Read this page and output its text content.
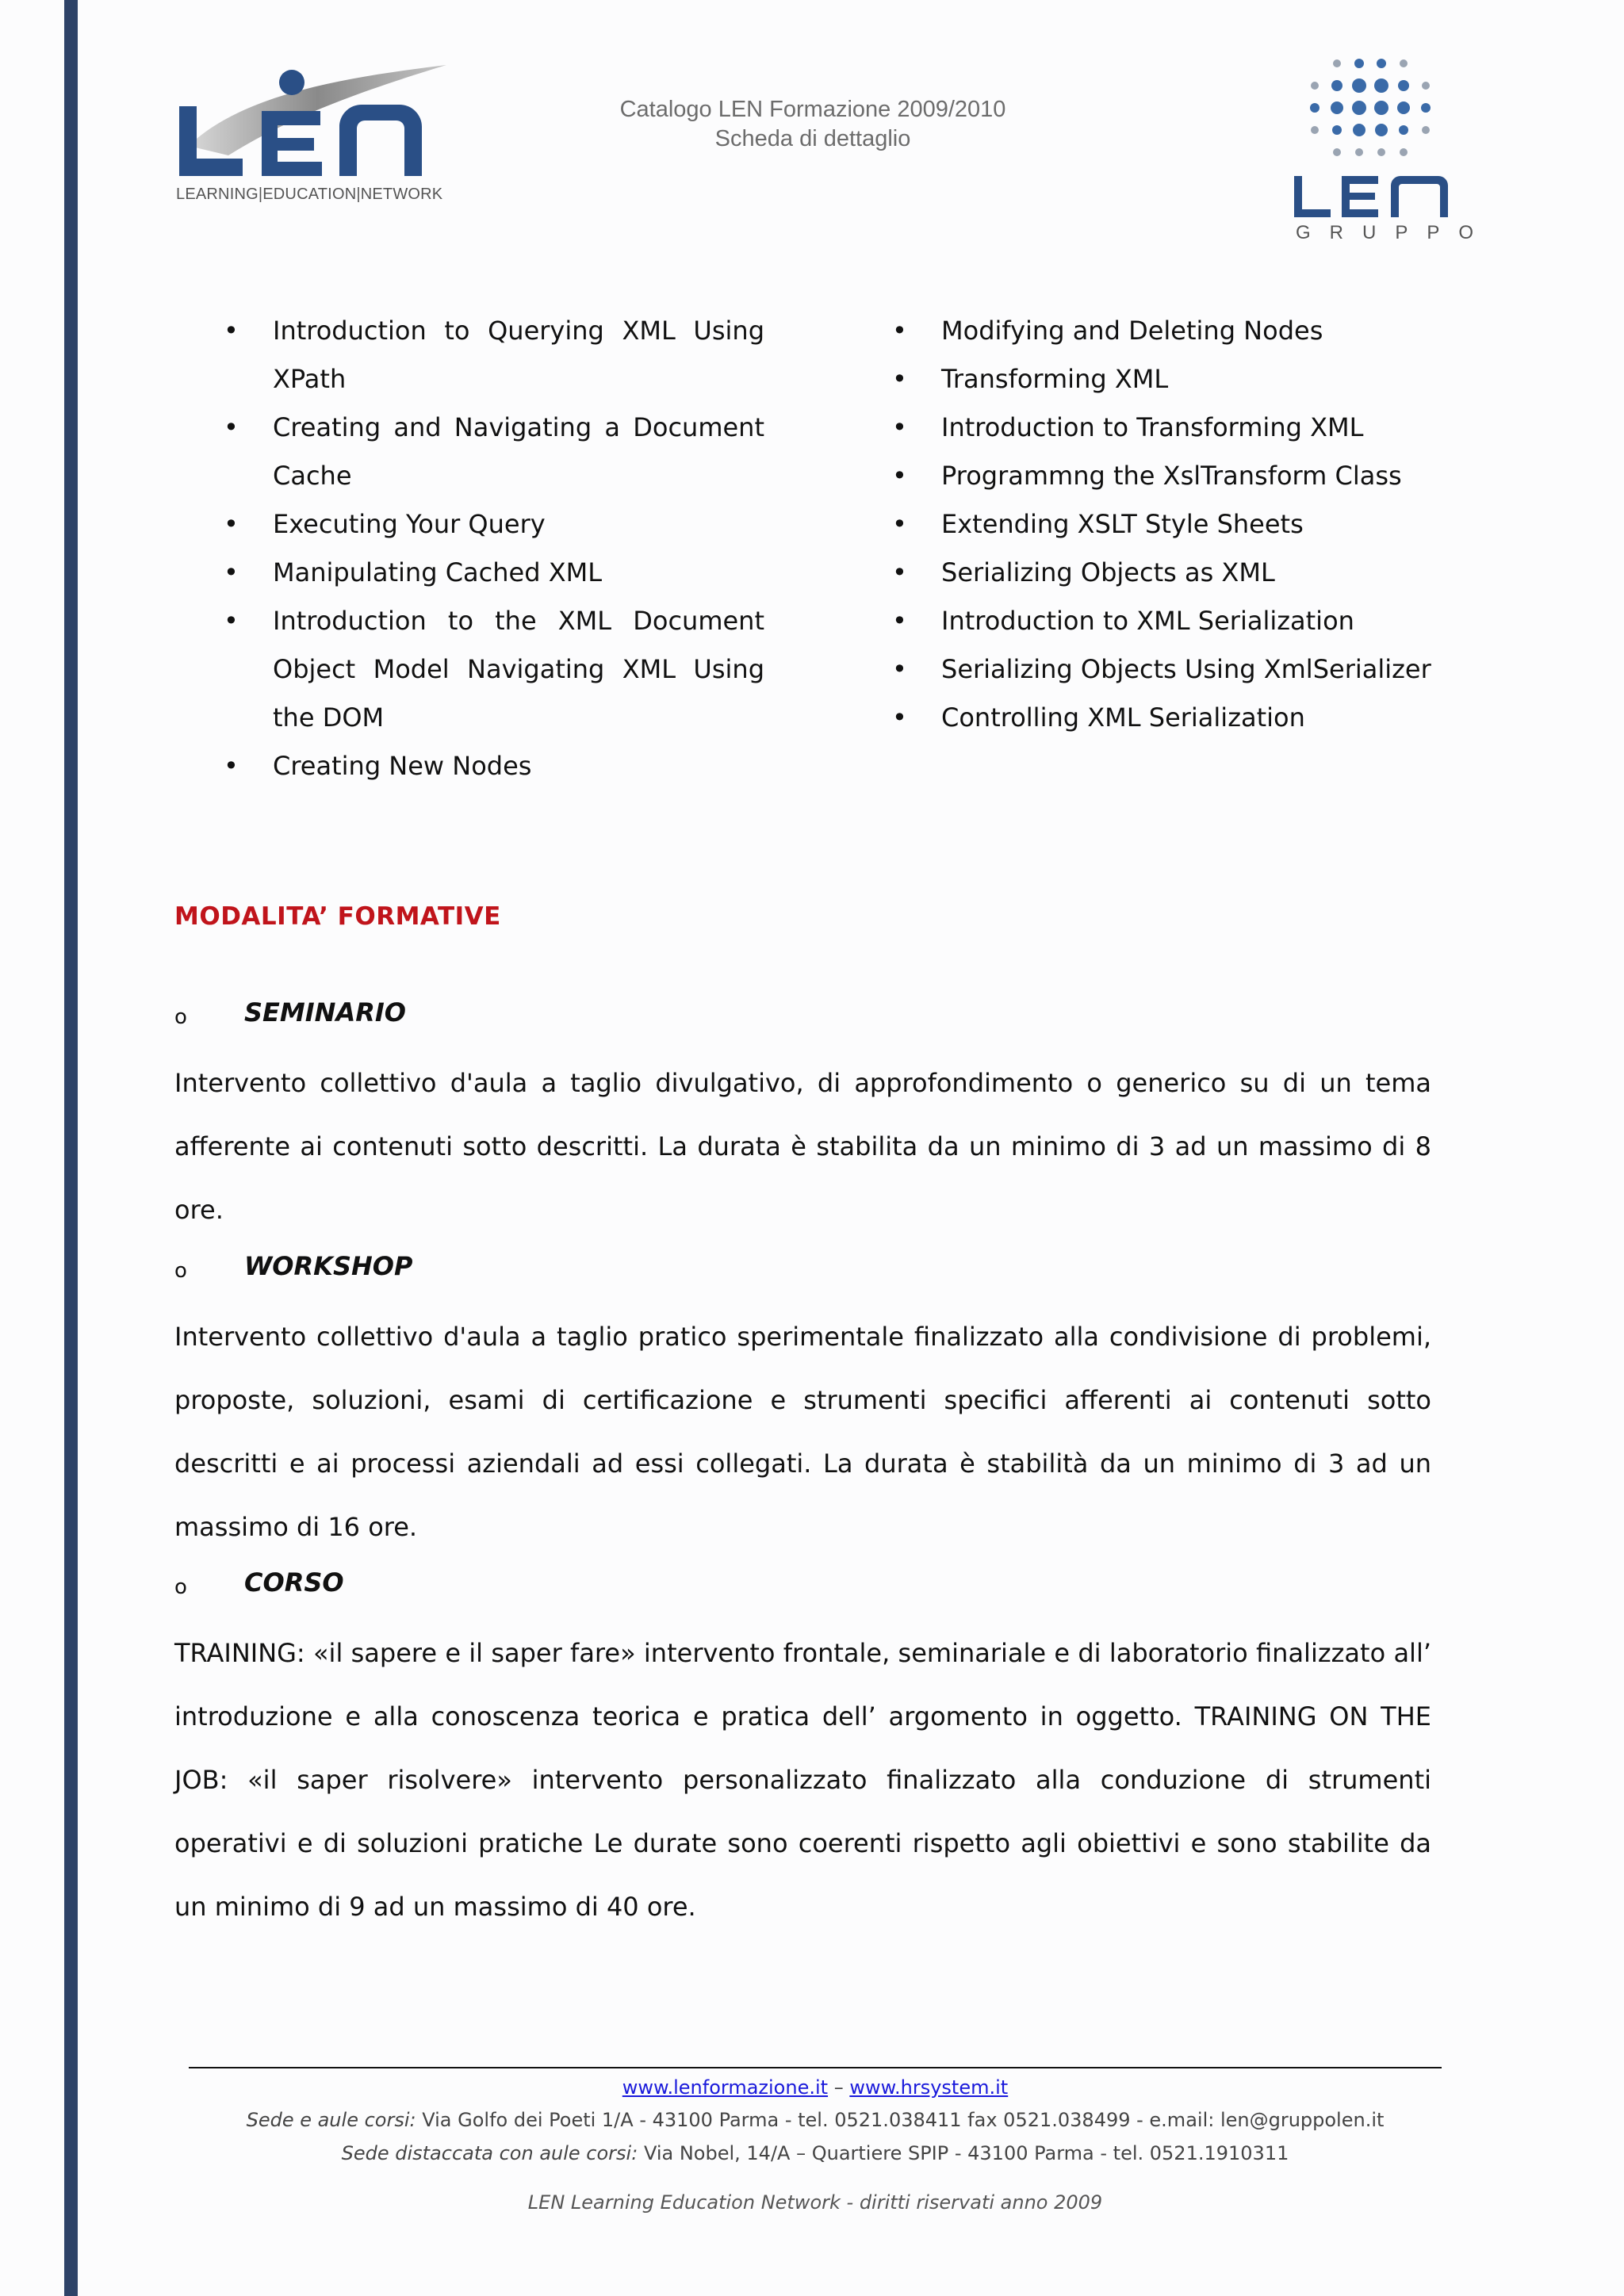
LEARNING|EDUCATION|NETWORK
Catalogo LEN Formazione 2009/2010
Scheda di dettaglio
GRUPPO
• Introduction to Querying XML Using XPath
• Creating and Navigating a Document Cache
• Executing Your Query
• Manipulating Cached XML
• Introduction to the XML Document Object Model Navigating XML Using the DOM
• Creating New Nodes
• Modifying and Deleting Nodes
• Transforming XML
• Introduction to Transforming XML
• Programmng the XslTransform Class
• Extending XSLT Style Sheets
• Serializing Objects as XML
• Introduction to XML Serialization
• Serializing Objects Using XmlSerializer
• Controlling XML Serialization
MODALITA’ FORMATIVE
o SEMINARIO

Intervento collettivo d'aula a taglio divulgativo, di approfondimento o generico su di un tema afferente ai contenuti sotto descritti. La durata è stabilita da un minimo di 3 ad un massimo di 8 ore.

o WORKSHOP

Intervento collettivo d'aula a taglio pratico sperimentale finalizzato alla condivisione di problemi, proposte, soluzioni, esami di certificazione e strumenti specifici afferenti ai contenuti sotto descritti e ai processi aziendali ad essi collegati. La durata è stabilità da un minimo di 3 ad un massimo di 16 ore.

o CORSO

TRAINING: «il sapere e il saper fare» intervento frontale, seminariale e di laboratorio finalizzato all’ introduzione e alla conoscenza teorica e pratica dell’ argomento in oggetto. TRAINING ON THE JOB: «il saper risolvere» intervento personalizzato finalizzato alla conduzione di strumenti operativi e di soluzioni pratiche Le durate sono coerenti rispetto agli obiettivi e sono stabilite da un minimo di 9 ad un massimo di 40 ore.

www.lenformazione.it – www.hrsystem.it
Sede e aule corsi: Via Golfo dei Poeti 1/A - 43100 Parma - tel. 0521.038411 fax 0521.038499 - e.mail: len@gruppolen.it
Sede distaccata con aule corsi: Via Nobel, 14/A – Quartiere SPIP - 43100 Parma - tel. 0521.1910311
LEN Learning Education Network - diritti riservati anno 2009
